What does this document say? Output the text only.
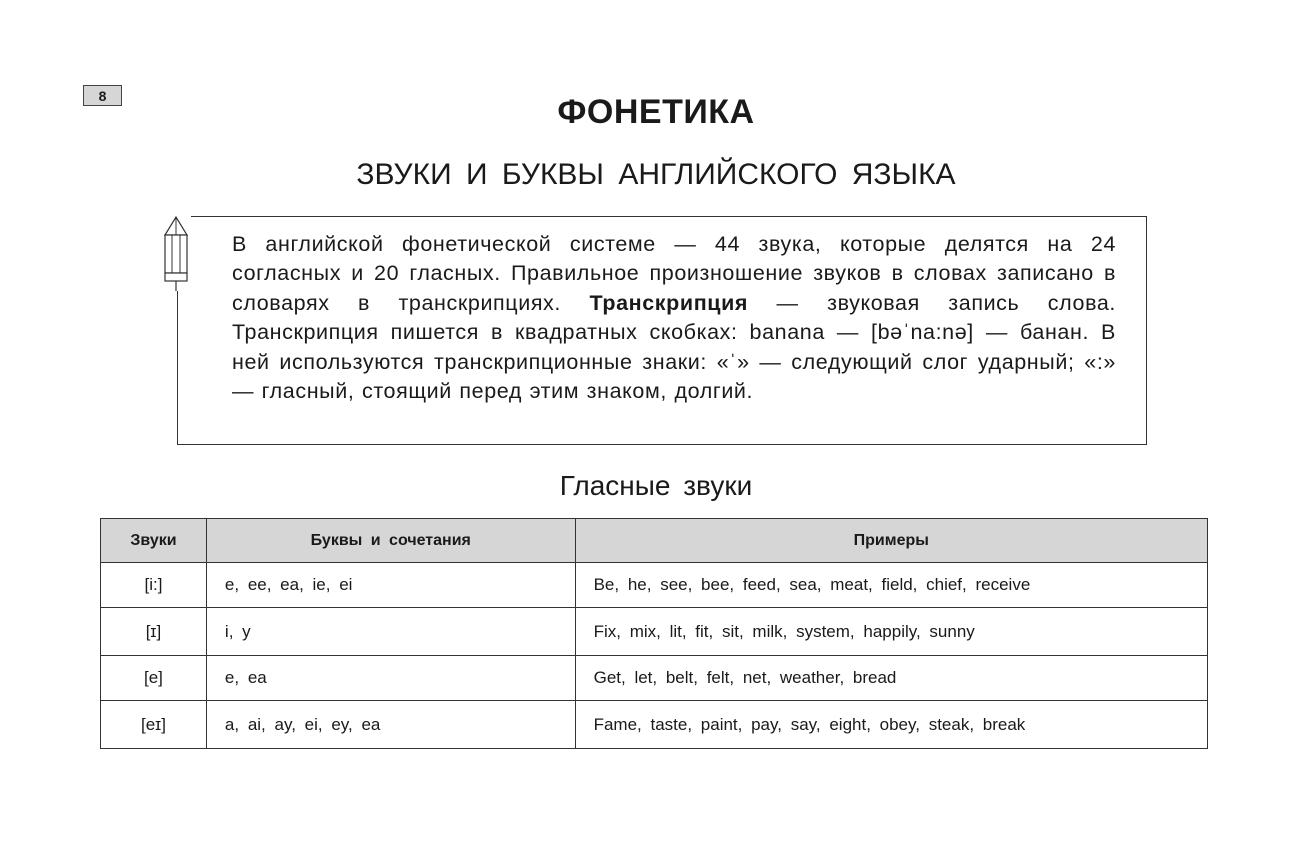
8	ФОНЕТИКА
ЗВУКИ И БУКВЫ АНГЛИЙСКОГО ЯЗЫКА
В английской фонетической системе — 44 звука, которые делятся на 24 согласных и 20 гласных. Правильное произношение звуков в словах записано в словарях в транскрипциях. Транскрипция — звуковая запись слова. Транскрипция пишется в квадратных скобках: banana — [bəˈna:nə] — банан. В ней используются транскрипционные знаки: «ˈ» — следующий слог ударный; «:» — гласный, стоящий перед этим знаком, долгий.
Гласные звуки
Звуки	Буквы и сочетания	Примеры
[i:]	e, ee, ea, ie, ei	Be, he, see, bee, feed, sea, meat, field, chief, receive
[ɪ]	i, y	Fix, mix, lit, fit, sit, milk, system, happily, sunny
[e]	e, ea	Get, let, belt, felt, net, weather, bread
[eɪ]	a, ai, ay, ei, ey, ea	Fame, taste, paint, pay, say, eight, obey, steak, break
